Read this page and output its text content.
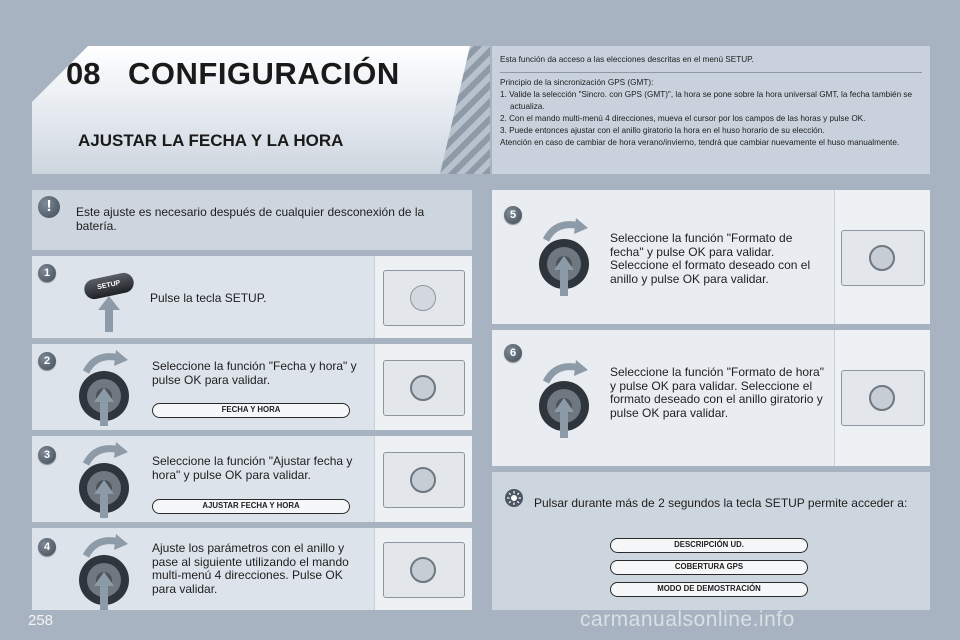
08 CONFIGURACIÓN
AJUSTAR LA FECHA Y LA HORA
Esta función da acceso a las elecciones descritas en el menú SETUP.
Principio de la sincronización GPS (GMT):
1. Valide la selección "Sincro. con GPS (GMT)", la hora se pone sobre la hora universal GMT, la fecha también se actualiza.
2. Con el mando multi-menú 4 direcciones, mueva el cursor por los campos de las horas y pulse OK.
3. Puede entonces ajustar con el anillo giratorio la hora en el huso horario de su elección.
Atención en caso de cambiar de hora verano/invierno, tendrá que cambiar nuevamente el huso manualmente.
!	Este ajuste es necesario después de cualquier desconexión de la batería.
1
SETUP
Pulse la tecla SETUP.
2	Seleccione la función "Fecha y hora" y pulse OK para validar.
FECHA Y HORA
3	Seleccione la función "Ajustar fecha y hora" y pulse OK para validar.
AJUSTAR FECHA Y HORA
4	Ajuste los parámetros con el anillo y pase al siguiente utilizando el mando multi-menú 4 direcciones. Pulse OK para validar.
5
Seleccione la función "Formato de fecha" y pulse OK para validar. Seleccione el formato deseado con el anillo y pulse OK para validar.
6
Seleccione la función "Formato de hora" y pulse OK para validar. Seleccione el formato deseado con el anillo giratorio y pulse OK para validar.
Pulsar durante más de 2 segundos la tecla SETUP permite acceder a:
DESCRIPCIÓN UD.
COBERTURA GPS
MODO DE DEMOSTRACIÓN
258	carmanualsonline.info
